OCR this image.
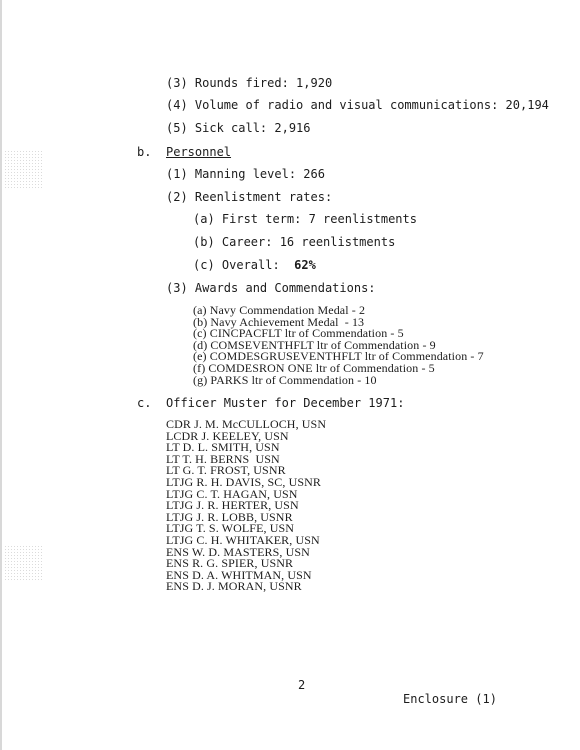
(3) Rounds fired: 1,920
(4) Volume of radio and visual communications: 20,194
(5) Sick call: 2,916
b. Personnel
(1) Manning level: 266
(2) Reenlistment rates:
(a) First term: 7 reenlistments
(b) Career: 16 reenlistments
(c) Overall:  62%
(3) Awards and Commendations:
(a) Navy Commendation Medal - 2
(b) Navy Achievement Medal  - 13
(c) CINCPACFLT ltr of Commendation - 5
(d) COMSEVENTHFLT ltr of Commendation - 9
(e) COMDESGRUSEVENTHFLT ltr of Commendation - 7
(f) COMDESRON ONE ltr of Commendation - 5
(g) PARKS ltr of Commendation - 10
c. Officer Muster for December 1971:
CDR J. M. McCULLOCH, USN
LCDR J. KEELEY, USN
LT D. L. SMITH, USN
LT T. H. BERNS  USN
LT G. T. FROST, USNR
LTJG R. H. DAVIS, SC, USNR
LTJG C. T. HAGAN, USN
LTJG J. R. HERTER, USN
LTJG J. R. LOBB, USNR
LTJG T. S. WOLFE, USN
LTJG C. H. WHITAKER, USN
ENS W. D. MASTERS, USN
ENS R. G. SPIER, USNR
ENS D. A. WHITMAN, USN
ENS D. J. MORAN, USNR
2
Enclosure (1)
